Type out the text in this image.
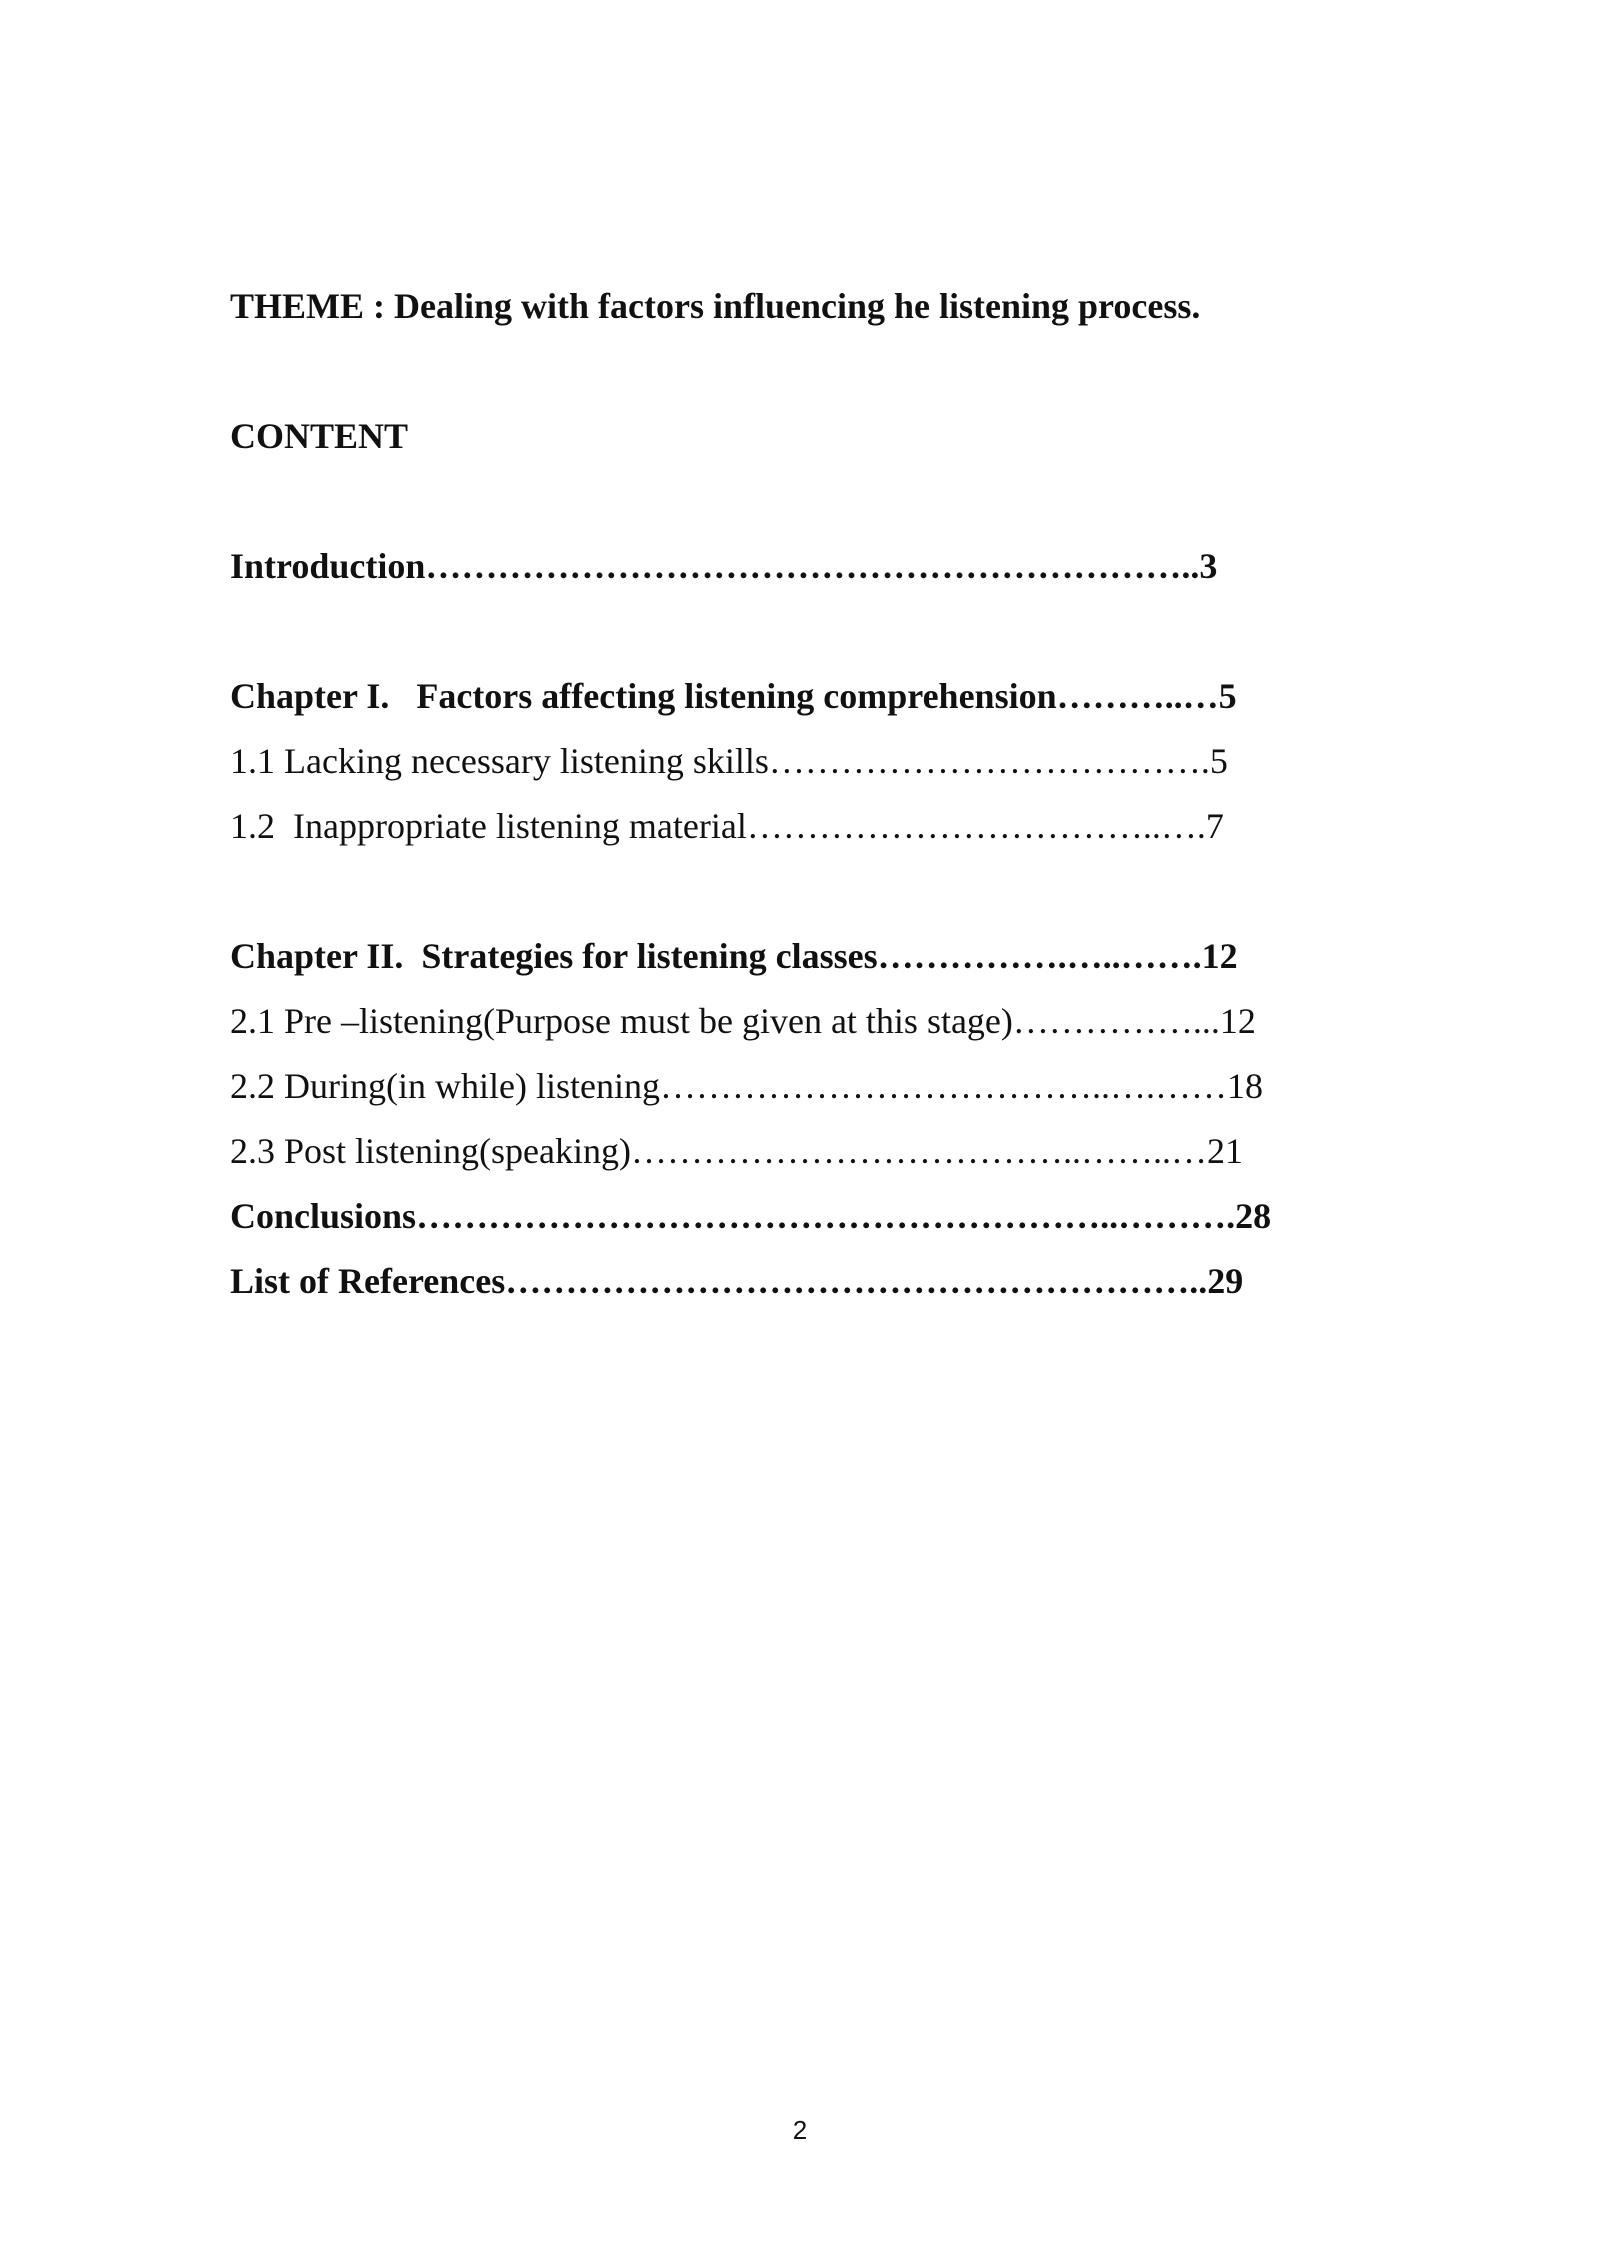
THEME : Dealing with factors influencing he listening process.
CONTENT
Introduction………………………………………………………..3
Chapter I.   Factors affecting listening comprehension………..…5
1.1 Lacking necessary listening skills……………………………….5
1.2  Inappropriate listening material……………………………..….7
Chapter II.  Strategies for listening classes…………….…..…….12
2.1 Pre –listening(Purpose must be given at this stage)……………...12
2.2 During(in while) listening………………………………..….……18
2.3 Post listening(speaking)………………………………..……..…21
Conclusions…………………………………………………..……….28
List of References…………………………………………………..29
2
